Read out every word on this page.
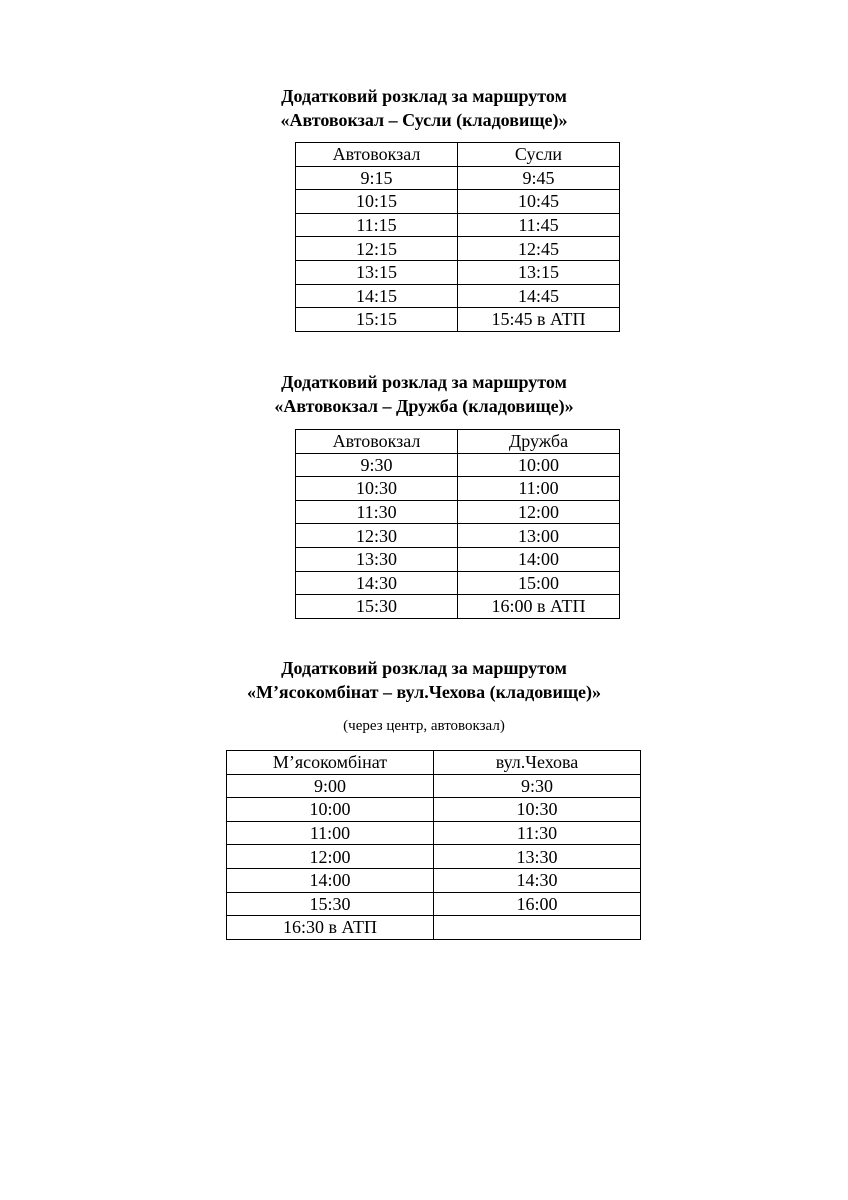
Додатковий розклад за маршрутом
«Автовокзал – Сусли (кладовище)»
Автовокзал	Сусли
9:15	9:45
10:15	10:45
11:15	11:45
12:15	12:45
13:15	13:15
14:15	14:45
15:15	15:45 в АТП
Додатковий розклад за маршрутом
«Автовокзал – Дружба (кладовище)»
Автовокзал	Дружба
9:30	10:00
10:30	11:00
11:30	12:00
12:30	13:00
13:30	14:00
14:30	15:00
15:30	16:00 в АТП
Додатковий розклад за маршрутом
«М’ясокомбінат – вул.Чехова (кладовище)»
(через центр, автовокзал)
М’ясокомбінат	вул.Чехова
9:00	9:30
10:00	10:30
11:00	11:30
12:00	13:30
14:00	14:30
15:30	16:00
16:30 в АТП	
